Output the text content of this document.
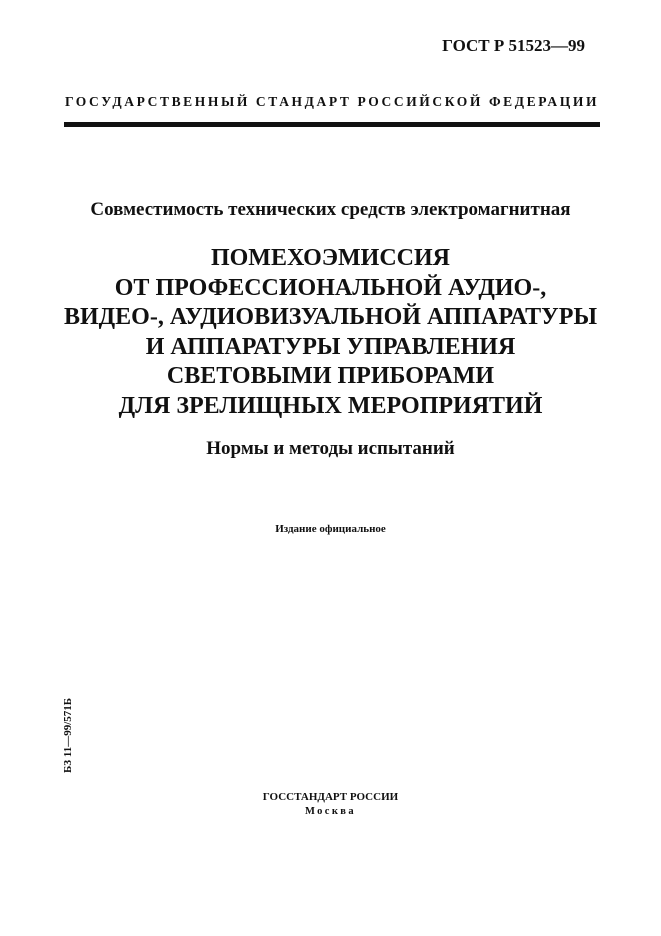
ГОСТ Р 51523—99
ГОСУДАРСТВЕННЫЙ СТАНДАРТ РОССИЙСКОЙ ФЕДЕРАЦИИ
Совместимость технических средств электромагнитная
ПОМЕХОЭМИССИЯ
ОТ ПРОФЕССИОНАЛЬНОЙ АУДИО-,
ВИДЕО-, АУДИОВИЗУАЛЬНОЙ АППАРАТУРЫ
И АППАРАТУРЫ УПРАВЛЕНИЯ
СВЕТОВЫМИ ПРИБОРАМИ
ДЛЯ ЗРЕЛИЩНЫХ МЕРОПРИЯТИЙ
Нормы и методы испытаний
Издание официальное
БЗ 11—99/571Б
ГОССТАНДАРТ РОССИИ
Москва
